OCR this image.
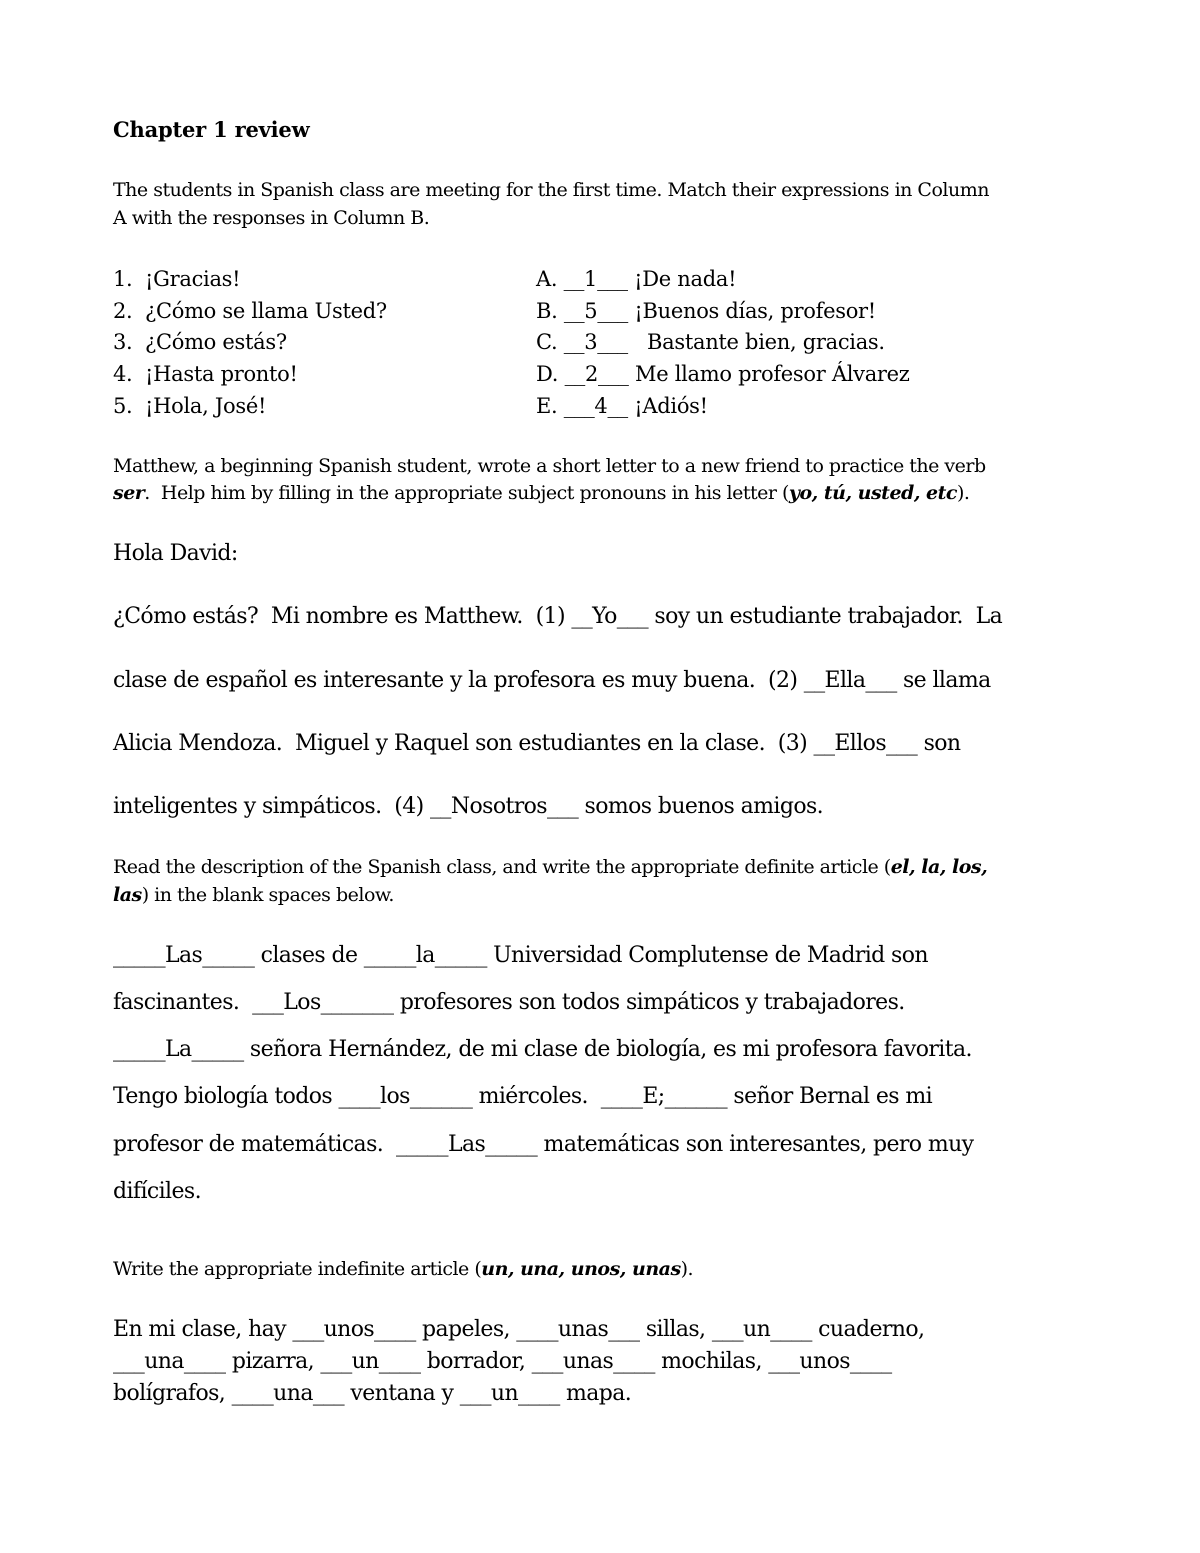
Chapter 1 review
The students in Spanish class are meeting for the first time. Match their expressions in Column
A with the responses in Column B.
1. ¡Gracias!
2. ¿Cómo se llama Usted?
3. ¿Cómo estás?
4. ¡Hasta pronto!
5. ¡Hola, José!
A. __1___ ¡De nada!
B. __5___ ¡Buenos días, profesor!
C. __3___   Bastante bien, gracias.
D. __2___ Me llamo profesor Álvarez
E. ___4__ ¡Adiós!
Matthew, a beginning Spanish student, wrote a short letter to a new friend to practice the verb
ser.  Help him by filling in the appropriate subject pronouns in his letter (yo, tú, usted, etc).
Hola David:
¿Cómo estás?  Mi nombre es Matthew.  (1) __Yo___ soy un estudiante trabajador.  La
clase de español es interesante y la profesora es muy buena.  (2) __Ella___ se llama
Alicia Mendoza.  Miguel y Raquel son estudiantes en la clase.  (3) __Ellos___ son
inteligentes y simpáticos.  (4) __Nosotros___ somos buenos amigos.
Read the description of the Spanish class, and write the appropriate definite article (el, la, los,
las) in the blank spaces below.
_____Las_____ clases de _____la_____ Universidad Complutense de Madrid son
fascinantes.  ___Los_______ profesores son todos simpáticos y trabajadores.
_____La_____ señora Hernández, de mi clase de biología, es mi profesora favorita.
Tengo biología todos ____los______ miércoles.  ____E;______ señor Bernal es mi
profesor de matemáticas.  _____Las_____ matemáticas son interesantes, pero muy
difíciles.
Write the appropriate indefinite article (un, una, unos, unas).
En mi clase, hay ___unos____ papeles, ____unas___ sillas, ___un____ cuaderno,
___una____ pizarra, ___un____ borrador, ___unas____ mochilas, ___unos____
bolígrafos, ____una___ ventana y ___un____ mapa.
